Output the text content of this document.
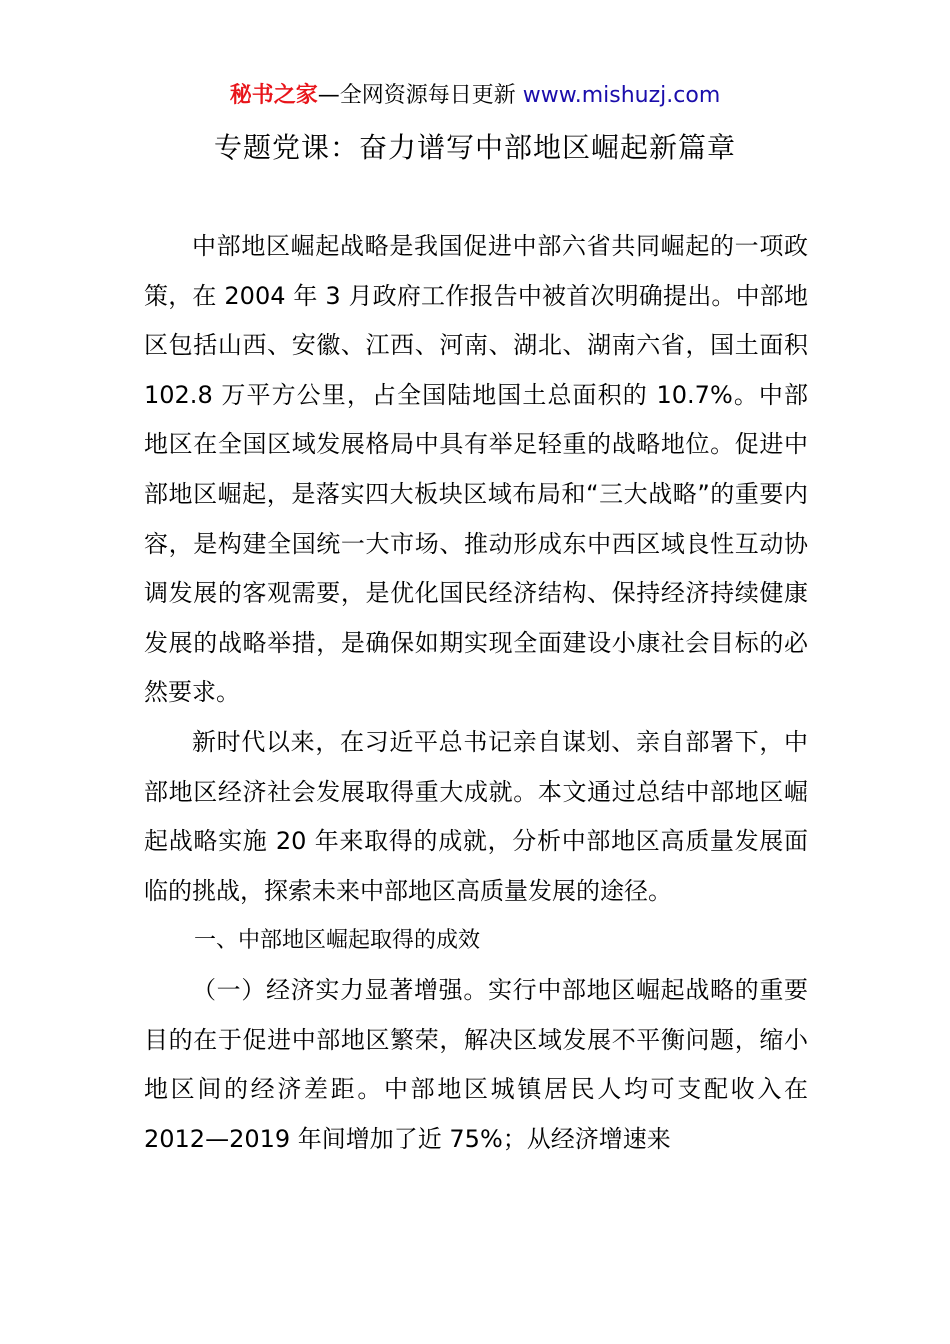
秘书之家—全网资源每日更新 www.mishuzj.com
专题党课：奋力谱写中部地区崛起新篇章

中部地区崛起战略是我国促进中部六省共同崛起的一项政策，在 2004 年 3 月政府工作报告中被首次明确提出。中部地区包括山西、安徽、江西、河南、湖北、湖南六省，国土面积 102.8 万平方公里，占全国陆地国土总面积的 10.7%。中部地区在全国区域发展格局中具有举足轻重的战略地位。促进中部地区崛起，是落实四大板块区域布局和“三大战略”的重要内容，是构建全国统一大市场、推动形成东中西区域良性互动协调发展的客观需要，是优化国民经济结构、保持经济持续健康发展的战略举措，是确保如期实现全面建设小康社会目标的必然要求。

新时代以来，在习近平总书记亲自谋划、亲自部署下，中部地区经济社会发展取得重大成就。本文通过总结中部地区崛起战略实施 20 年来取得的成就，分析中部地区高质量发展面临的挑战，探索未来中部地区高质量发展的途径。

一、中部地区崛起取得的成效

（一）经济实力显著增强。实行中部地区崛起战略的重要目的在于促进中部地区繁荣，解决区域发展不平衡问题，缩小地区间的经济差距。中部地区城镇居民人均可支配收入在 2012—2019 年间增加了近 75%；从经济增速来
